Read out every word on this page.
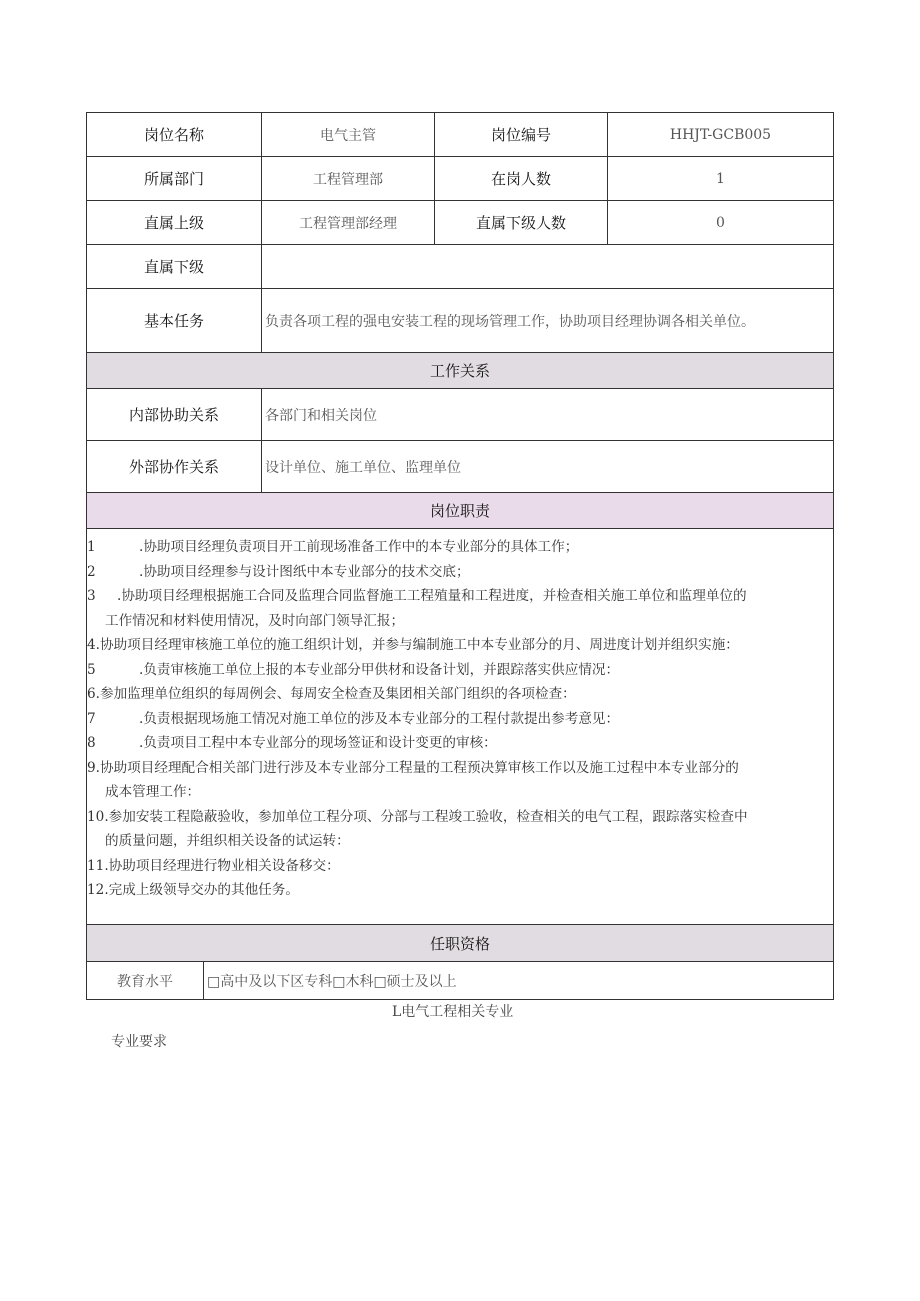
岗位名称	电气主管	岗位编号	HHJT-GCB005
所属部门	工程管理部	在岗人数	1
直属上级	工程管理部经理	直属下级人数	0
直属下级
基本任务	负责各项工程的强电安装工程的现场管理工作，协助项目经理协调各相关单位。
工作关系
内部协助关系	各部门和相关岗位
外部协作关系	设计单位、施工单位、监理单位
岗位职责
1	.协助项目经理负责项目开工前现场准备工作中的本专业部分的具体工作；
2	.协助项目经理参与设计图纸中本专业部分的技术交底；
3 .协助项目经理根据施工合同及监理合同监督施工工程殖量和工程进度，并检查相关施工单位和监理单位的
工作情况和材料使用情况，及时向部门领导汇报；
4.协助项目经理审核施工单位的施工组织计划，并参与编制施工中本专业部分的月、周进度计划并组织实施：
5	.负责审核施工单位上报的本专业部分甲供材和设备计划，并跟踪落实供应情况：
6.参加监理单位组织的每周例会、每周安全检查及集团相关部门组织的各项检查：
7	.负责根据现场施工情况对施工单位的涉及本专业部分的工程付款提出参考意见：
8	.负责项目工程中本专业部分的现场签证和设计变更的审核：
9.协助项目经理配合相关部门进行涉及本专业部分工程量的工程预决算审核工作以及施工过程中本专业部分的
成本管理工作：
10.参加安装工程隐蔽验收，参加单位工程分项、分部与工程竣工验收，检查相关的电气工程，跟踪落实检查中
的质量问题，并组织相关设备的试运转：
11.协助项目经理进行物业相关设备移交：
12.完成上级领导交办的其他任务。
任职资格
教育水平	□高中及以下区专科□木科□硕士及以上
L电气工程相关专业
专业要求
